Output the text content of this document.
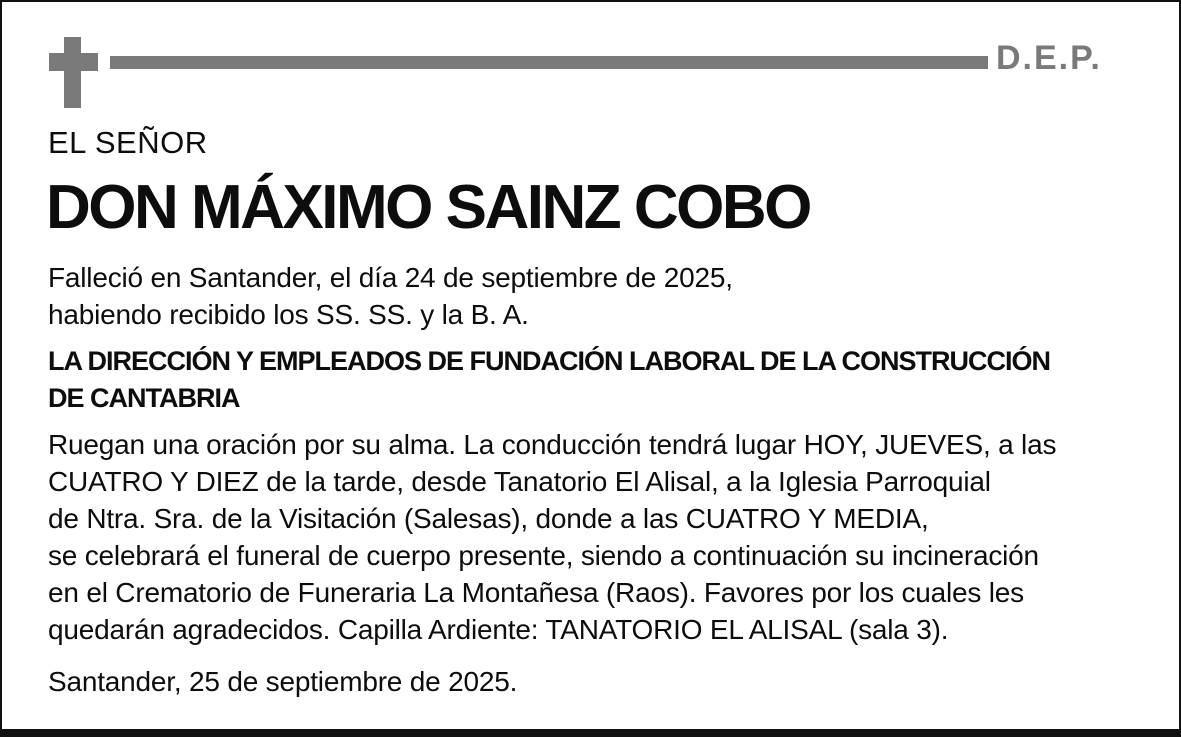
D.E.P.
EL SEÑOR
DON MÁXIMO SAINZ COBO
Falleció en Santander, el día 24 de septiembre de 2025,
habiendo recibido los SS. SS. y la B. A.
LA DIRECCIÓN Y EMPLEADOS DE FUNDACIÓN LABORAL DE LA CONSTRUCCIÓN
DE CANTABRIA
Ruegan una oración por su alma. La conducción tendrá lugar HOY, JUEVES, a las
CUATRO Y DIEZ de la tarde, desde Tanatorio El Alisal, a la Iglesia Parroquial
de Ntra. Sra. de la Visitación (Salesas), donde a las CUATRO Y MEDIA,
se celebrará el funeral de cuerpo presente, siendo a continuación su incineración
en el Crematorio de Funeraria La Montañesa (Raos). Favores por los cuales les
quedarán agradecidos. Capilla Ardiente: TANATORIO EL ALISAL (sala 3).
Santander, 25 de septiembre de 2025.
